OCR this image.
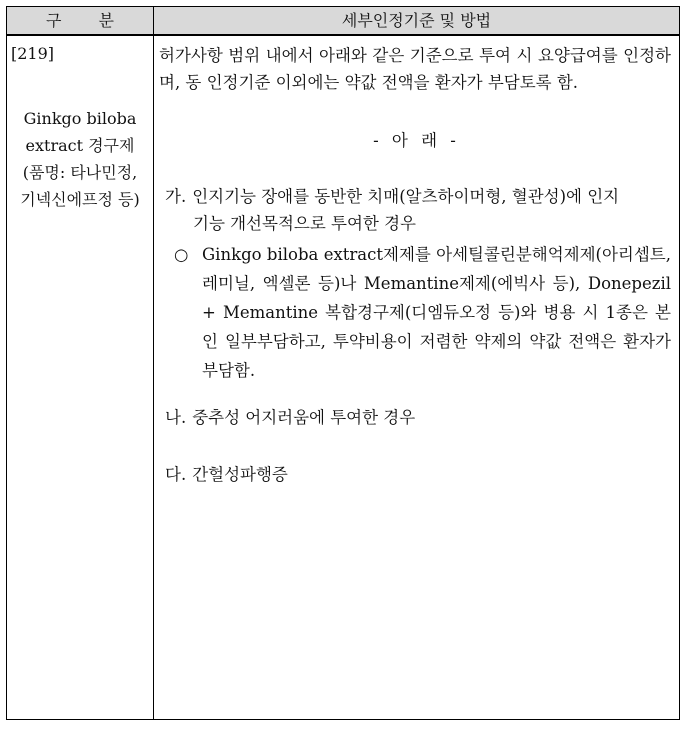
구 분	세부인정기준 및 방법
[219]
Ginkgo biloba
extract 경구제
(품명: 타나민정,
기넥신에프정 등)

허가사항 범위 내에서 아래와 같은 기준으로 투여 시 요양급여를 인정하며, 동 인정기준 이외에는 약값 전액을 환자가 부담토록 함.

- 아 래 -

가. 인지기능 장애를 동반한 치매(알츠하이머형, 혈관성)에 인지

기능 개선목적으로 투여한 경우

○ Ginkgo biloba extract제제를 아세틸콜린분해억제제(아리셉트, 레미닐, 엑셀론 등)나 Memantine제제(에빅사 등), Donepezil + Memantine 복합경구제(디엠듀오정 등)와 병용 시 1종은 본인 일부부담하고, 투약비용이 저렴한 약제의 약값 전액은 환자가 부담함.

나. 중추성 어지러움에 투여한 경우

다. 간헐성파행증
